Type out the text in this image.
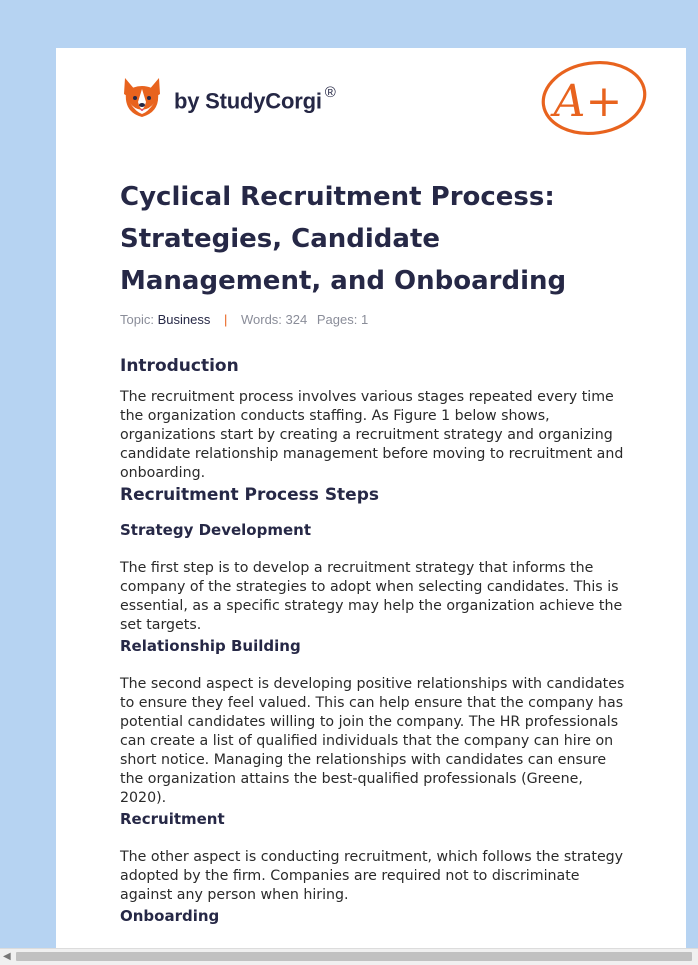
by StudyCorgi ®	A+
Cyclical Recruitment Process: Strategies, Candidate Management, and Onboarding
Topic: Business | Words: 324 Pages: 1
Introduction

The recruitment process involves various stages repeated every time the organization conducts staffing. As Figure 1 below shows, organizations start by creating a recruitment strategy and organizing candidate relationship management before moving to recruitment and onboarding.

Recruitment Process Steps
Strategy Development

The first step is to develop a recruitment strategy that informs the company of the strategies to adopt when selecting candidates. This is essential, as a specific strategy may help the organization achieve the set targets.

Relationship Building

The second aspect is developing positive relationships with candidates to ensure they feel valued. This can help ensure that the company has potential candidates willing to join the company. The HR professionals can create a list of qualified individuals that the company can hire on short notice. Managing the relationships with candidates can ensure the organization attains the best-qualified professionals (Greene, 2020).

Recruitment

The other aspect is conducting recruitment, which follows the strategy adopted by the firm. Companies are required not to discriminate against any person when hiring.

Onboarding
◀
